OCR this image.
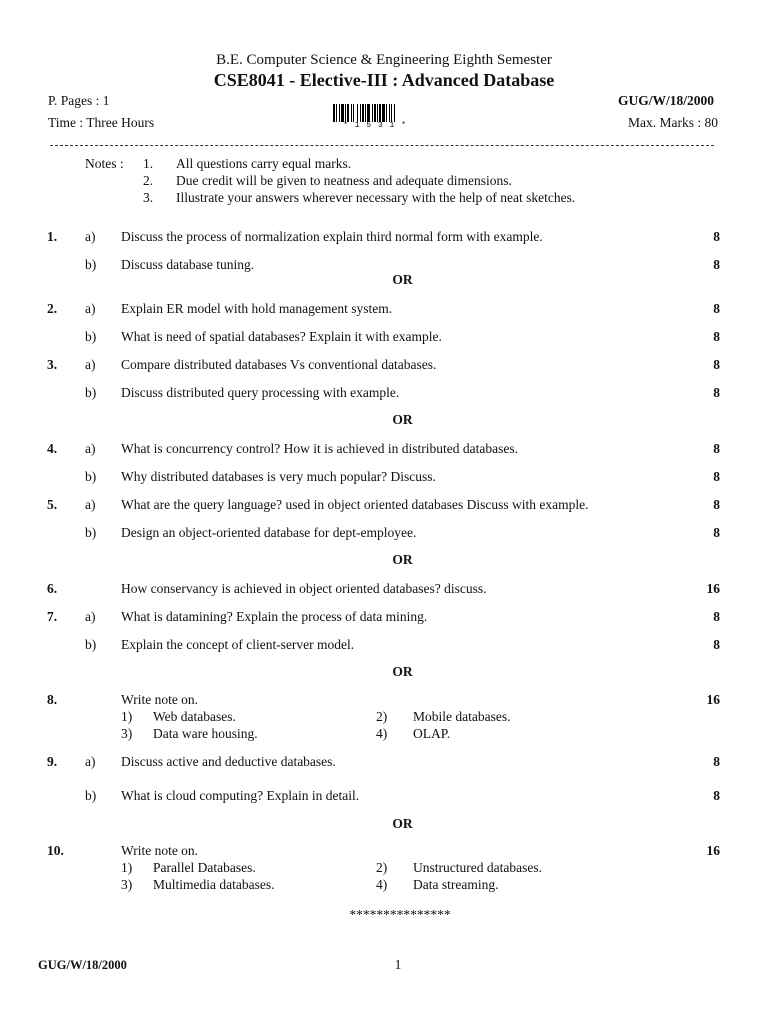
B.E. Computer Science & Engineering Eighth Semester
CSE8041 - Elective-III : Advanced Database
P. Pages : 1	GUG/W/18/2000
Time : Three Hours	* 1 5 3 1 *	Max. Marks : 80
Notes : 1. All questions carry equal marks.
2. Due credit will be given to neatness and adequate dimensions.
3. Illustrate your answers wherever necessary with the help of neat sketches.
1. a) Discuss the process of normalization explain third normal form with example.	8
b) Discuss database tuning.	8
OR
2. a) Explain ER model with hold management system.	8
b) What is need of spatial databases? Explain it with example.	8
3. a) Compare distributed databases Vs conventional databases.	8
b) Discuss distributed query processing with example.	8
OR
4. a) What is concurrency control? How it is achieved in distributed databases.	8
b) Why distributed databases is very much popular? Discuss.	8
5. a) What are the query language? used in object oriented databases Discuss with example.	8
b) Design an object-oriented database for dept-employee.	8
OR
6.	How conservancy is achieved in object oriented databases? discuss.	16
7. a) What is datamining? Explain the process of data mining.	8
b) Explain the concept of client-server model.	8
OR
8.	Write note on.	16
1) Web databases.	2) Mobile databases.
3) Data ware housing.	4) OLAP.
9. a) Discuss active and deductive databases.	8
b) What is cloud computing? Explain in detail.	8
OR
10.	Write note on.	16
1) Parallel Databases.	2) Unstructured databases.
3) Multimedia databases.	4) Data streaming.
***************
GUG/W/18/2000	1
